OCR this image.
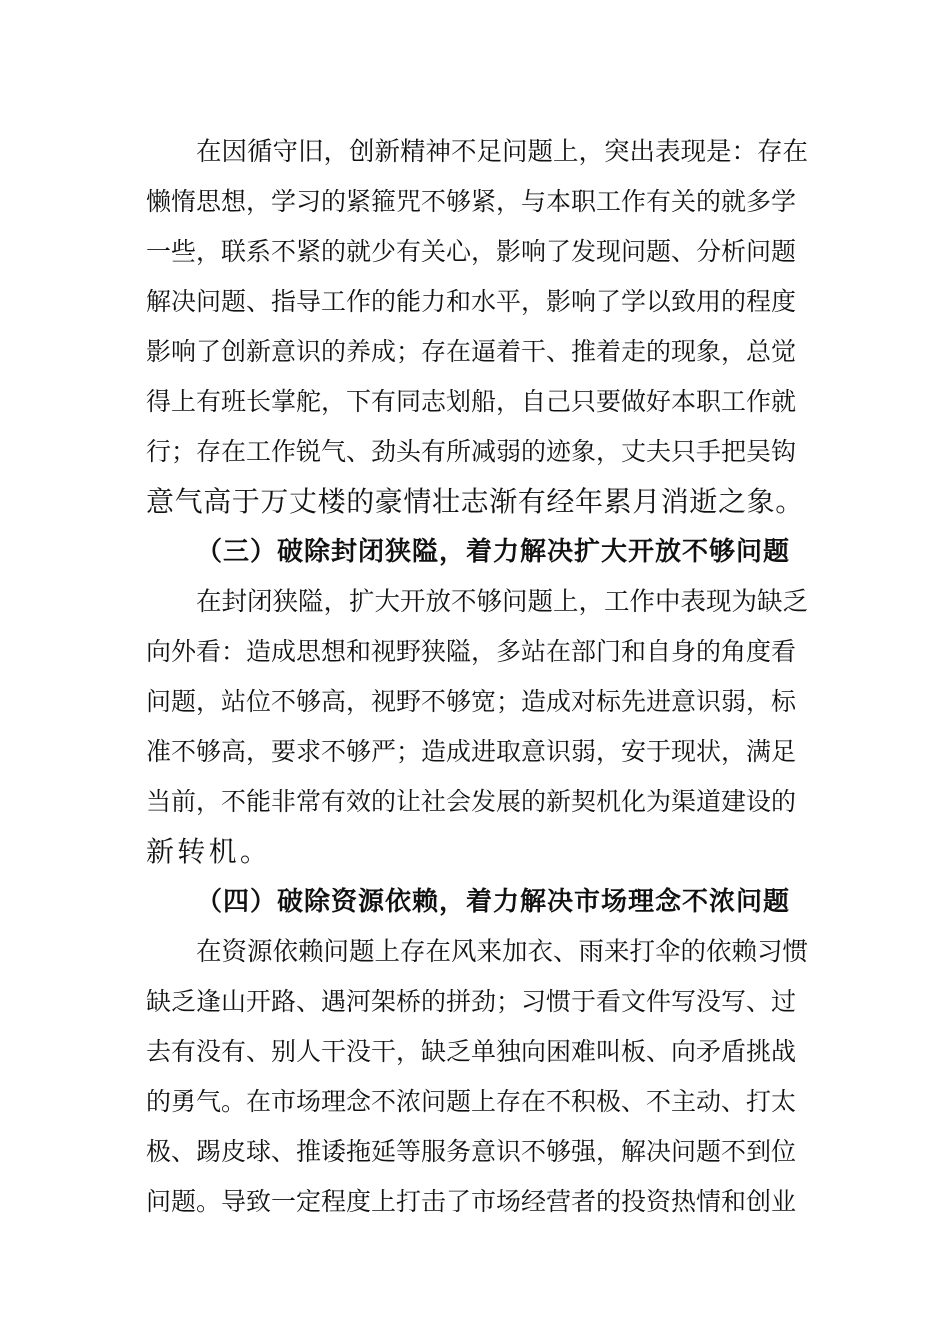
在因循守旧，创新精神不足问题上，突出表现是：存在
懒惰思想，学习的紧箍咒不够紧，与本职工作有关的就多学
一些，联系不紧的就少有关心，影响了发现问题、分析问题
解决问题、指导工作的能力和水平，影响了学以致用的程度
影响了创新意识的养成；存在逼着干、推着走的现象，总觉
得上有班长掌舵，下有同志划船，自己只要做好本职工作就
行；存在工作锐气、劲头有所减弱的迹象，丈夫只手把吴钩
意气高于万丈楼的豪情壮志渐有经年累月消逝之象。
（三）破除封闭狭隘，着力解决扩大开放不够问题
在封闭狭隘，扩大开放不够问题上，工作中表现为缺乏
向外看：造成思想和视野狭隘，多站在部门和自身的角度看
问题，站位不够高，视野不够宽；造成对标先进意识弱，标
准不够高，要求不够严；造成进取意识弱，安于现状，满足
当前，不能非常有效的让社会发展的新契机化为渠道建设的
新转机。
（四）破除资源依赖，着力解决市场理念不浓问题
在资源依赖问题上存在风来加衣、雨来打伞的依赖习惯
缺乏逢山开路、遇河架桥的拼劲；习惯于看文件写没写、过
去有没有、别人干没干，缺乏单独向困难叫板、向矛盾挑战
的勇气。在市场理念不浓问题上存在不积极、不主动、打太
极、踢皮球、推诿拖延等服务意识不够强，解决问题不到位
问题。导致一定程度上打击了市场经营者的投资热情和创业
